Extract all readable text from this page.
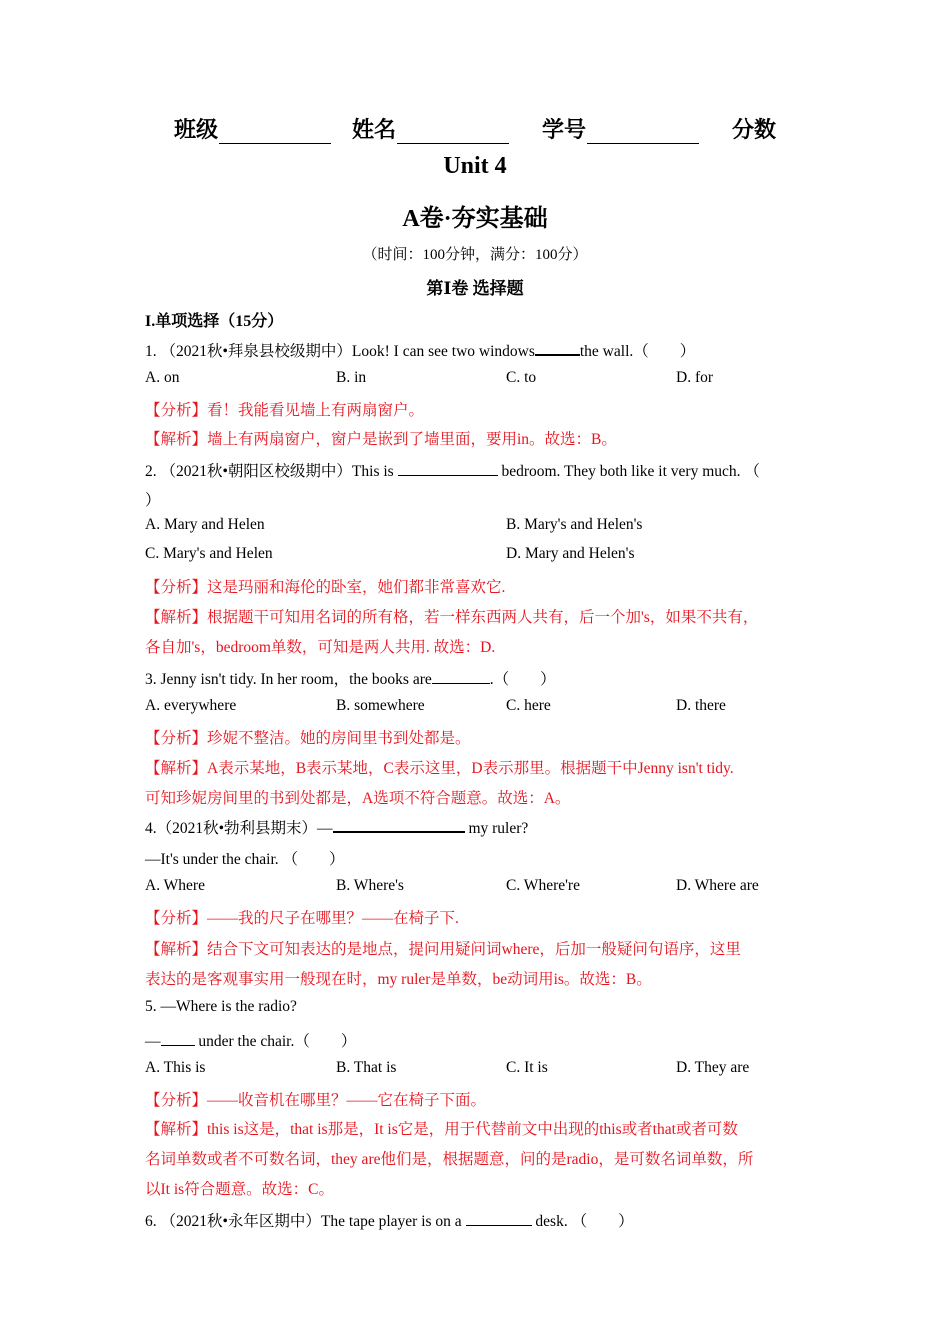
班级	姓名	学号	分数
Unit 4
A卷·夯实基础
（时间：100分钟，满分：100分）
第Ⅰ卷 选择题
I.单项选择（15分）
1. （2021秋•拜泉县校级期中）Look! I can see two windows	the wall.（　　）
A. on	B. in	C. to	D. for
【分析】看！我能看见墙上有两扇窗户。
【解析】墙上有两扇窗户，窗户是嵌到了墙里面，要用in。故选：B。
2. （2021秋•朝阳区校级期中）This is	bedroom. They both like it very much. （
）
A. Mary and Helen	B. Mary's and Helen's
C. Mary's and Helen	D. Mary and Helen's
【分析】这是玛丽和海伦的卧室，她们都非常喜欢它.
【解析】根据题干可知用名词的所有格，若一样东西两人共有，后一个加's，如果不共有，
各自加's，bedroom单数，可知是两人共用. 故选：D.
3. Jenny isn't tidy. In her room，the books are	.（　　）
A. everywhere	B. somewhere	C. here	D. there
【分析】珍妮不整洁。她的房间里书到处都是。
【解析】A表示某地，B表示某地，C表示这里，D表示那里。根据题干中Jenny isn't tidy.
可知珍妮房间里的书到处都是，A选项不符合题意。故选：A。
4.（2021秋•勃利县期末）—	my ruler?
—It's under the chair. （　　）
A. Where	B. Where's	C. Where're	D. Where are
【分析】——我的尺子在哪里？——在椅子下.
【解析】结合下文可知表达的是地点，提问用疑问词where，后加一般疑问句语序，这里
表达的是客观事实用一般现在时，my ruler是单数，be动词用is。故选：B。
5. —Where is the radio?
— under the chair.（　　）
A. This is	B. That is	C. It is	D. They are
【分析】——收音机在哪里？——它在椅子下面。
【解析】this is这是，that is那是，It is它是，用于代替前文中出现的this或者that或者可数
名词单数或者不可数名词，they are他们是，根据题意，问的是radio，是可数名词单数，所
以It is符合题意。故选：C。
6. （2021秋•永年区期中）The tape player is on a	desk. （　　）
